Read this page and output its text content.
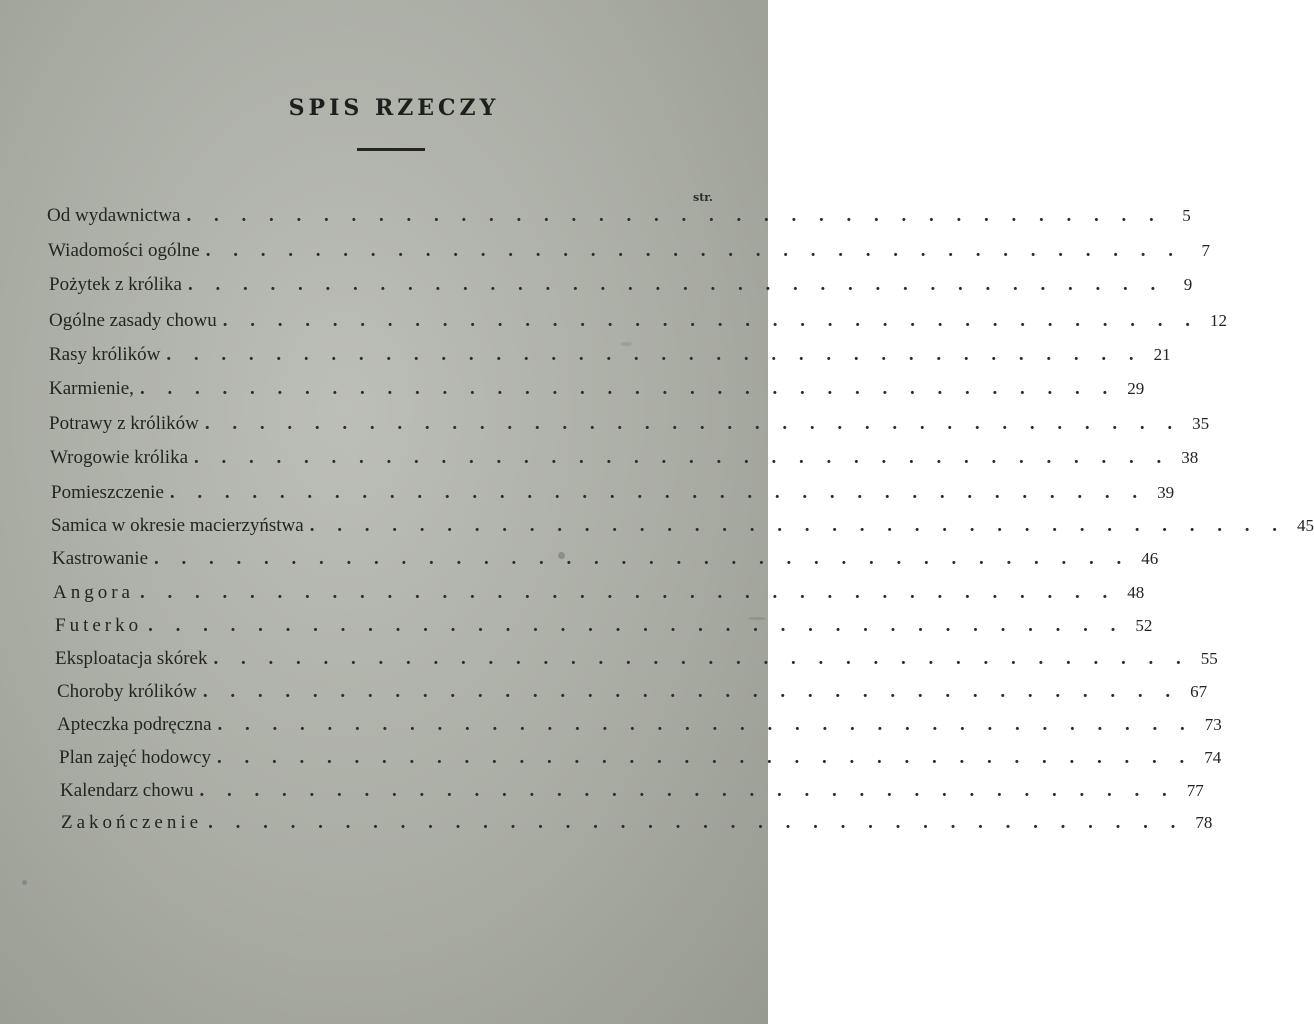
SPIS RZECZY
str.
Od wydawnictwa . . . . . . . . . . . . . . . . . . . . . . . . . . . . . . . . . . . .	5
Wiadomości ogólne . . . . . . . . . . . . . . . . . . . . . . . . . . . . . . . . . . . .	7
Pożytek z królika . . . . . . . . . . . . . . . . . . . . . . . . . . . . . . . . . . . .	9
Ogólne zasady chowu . . . . . . . . . . . . . . . . . . . . . . . . . . . . . . . . . . . . 12
Rasy królików . . . . . . . . . . . . . . . . . . . . . . . . . . . . . . . . . . . . 21
Karmienie, . . . . . . . . . . . . . . . . . . . . . . . . . . . . . . . . . . . . 29
Potrawy z królików . . . . . . . . . . . . . . . . . . . . . . . . . . . . . . . . . . . . 35
Wrogowie królika . . . . . . . . . . . . . . . . . . . . . . . . . . . . . . . . . . . . 38
Pomieszczenie . . . . . . . . . . . . . . . . . . . . . . . . . . . . . . . . . . . . 39
Samica w okresie macierzyństwa . . . . . . . . . . . . . . . . . . . . . . . . . . . . . . . . . . . . 45
Kastrowanie . . . . . . . . . . . . . . . . . . . . . . . . . . . . . . . . . . . . 46
Angora . . . . . . . . . . . . . . . . . . . . . . . . . . . . . . . . . . . . 48
Futerko . . . . . . . . . . . . . . . . . . . . . . . . . . . . . . . . . . . . 52
Eksploatacja skórek . . . . . . . . . . . . . . . . . . . . . . . . . . . . . . . . . . . . 55
Choroby królików . . . . . . . . . . . . . . . . . . . . . . . . . . . . . . . . . . . . 67
Apteczka podręczna . . . . . . . . . . . . . . . . . . . . . . . . . . . . . . . . . . . . 73
Plan zajęć hodowcy . . . . . . . . . . . . . . . . . . . . . . . . . . . . . . . . . . . . 74
Kalendarz chowu . . . . . . . . . . . . . . . . . . . . . . . . . . . . . . . . . . . . 77
Zakończenie . . . . . . . . . . . . . . . . . . . . . . . . . . . . . . . . . . . . 78
